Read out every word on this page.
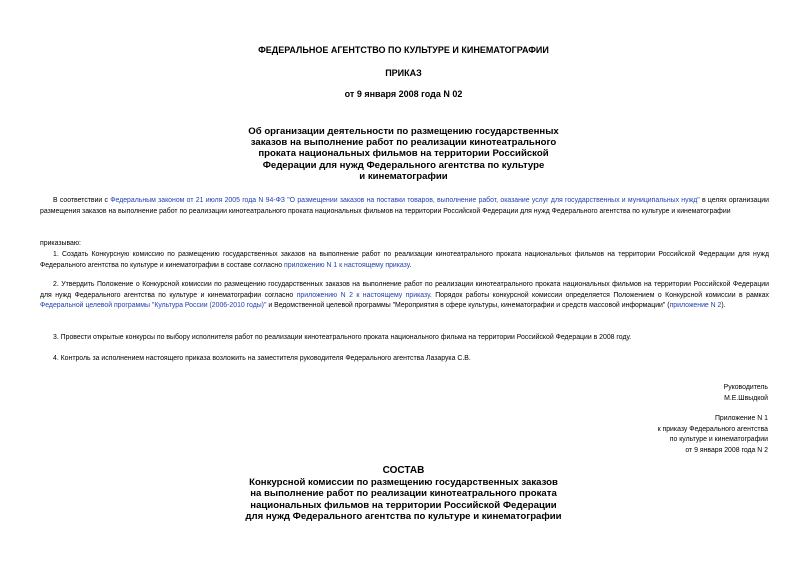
ФЕДЕРАЛЬНОЕ АГЕНТСТВО ПО КУЛЬТУРЕ И КИНЕМАТОГРАФИИ
ПРИКАЗ
от 9 января 2008 года N 02
Об организации деятельности по размещению государственных
заказов на выполнение работ по реализации кинотеатрального
проката национальных фильмов на территории Российской
Федерации для нужд Федерального агентства по культуре
и кинематографии
В соответствии с Федеральным законом от 21 июля 2005 года N 94-ФЗ "О размещении заказов на поставки товаров, выполнение работ, оказание услуг для государственных и муниципальных нужд" в целях организации размещения заказов на выполнение работ по реализации кинотеатрального проката национальных фильмов на территории Российской Федерации для нужд Федерального агентства по культуре и кинематографии
приказываю:
1. Создать Конкурсную комиссию по размещению государственных заказов на выполнение работ по реализации кинотеатрального проката национальных фильмов на территории Российской Федерации для нужд Федерального агентства по культуре и кинематографии в составе согласно приложению N 1 к настоящему приказу.
2. Утвердить Положение о Конкурсной комиссии по размещению государственных заказов на выполнение работ по реализации кинотеатрального проката национальных фильмов на территории Российской Федерации для нужд Федерального агентства по культуре и кинематографии согласно приложению N 2 к настоящему приказу. Порядок работы конкурсной комиссии определяется Положением о Конкурсной комиссии в рамках Федеральной целевой программы "Культура России (2006-2010 годы)" и Ведомственной целевой программы "Мероприятия в сфере культуры, кинематографии и средств массовой информации" (приложение N 2).
3. Провести открытые конкурсы по выбору исполнителя работ по реализации кинотеатрального проката национального фильма на территории Российской Федерации в 2008 году.
4. Контроль за исполнением настоящего приказа возложить на заместителя руководителя Федерального агентства Лазарука С.В.
Руководитель
М.Е.Швыдкой
Приложение N 1
к приказу Федерального агентства
по культуре и кинематографии
от 9 января 2008 года N 2
СОСТАВ
Конкурсной комиссии по размещению государственных заказов
на выполнение работ по реализации кинотеатрального проката
национальных фильмов на территории Российской Федерации
для нужд Федерального агентства по культуре и кинематографии
